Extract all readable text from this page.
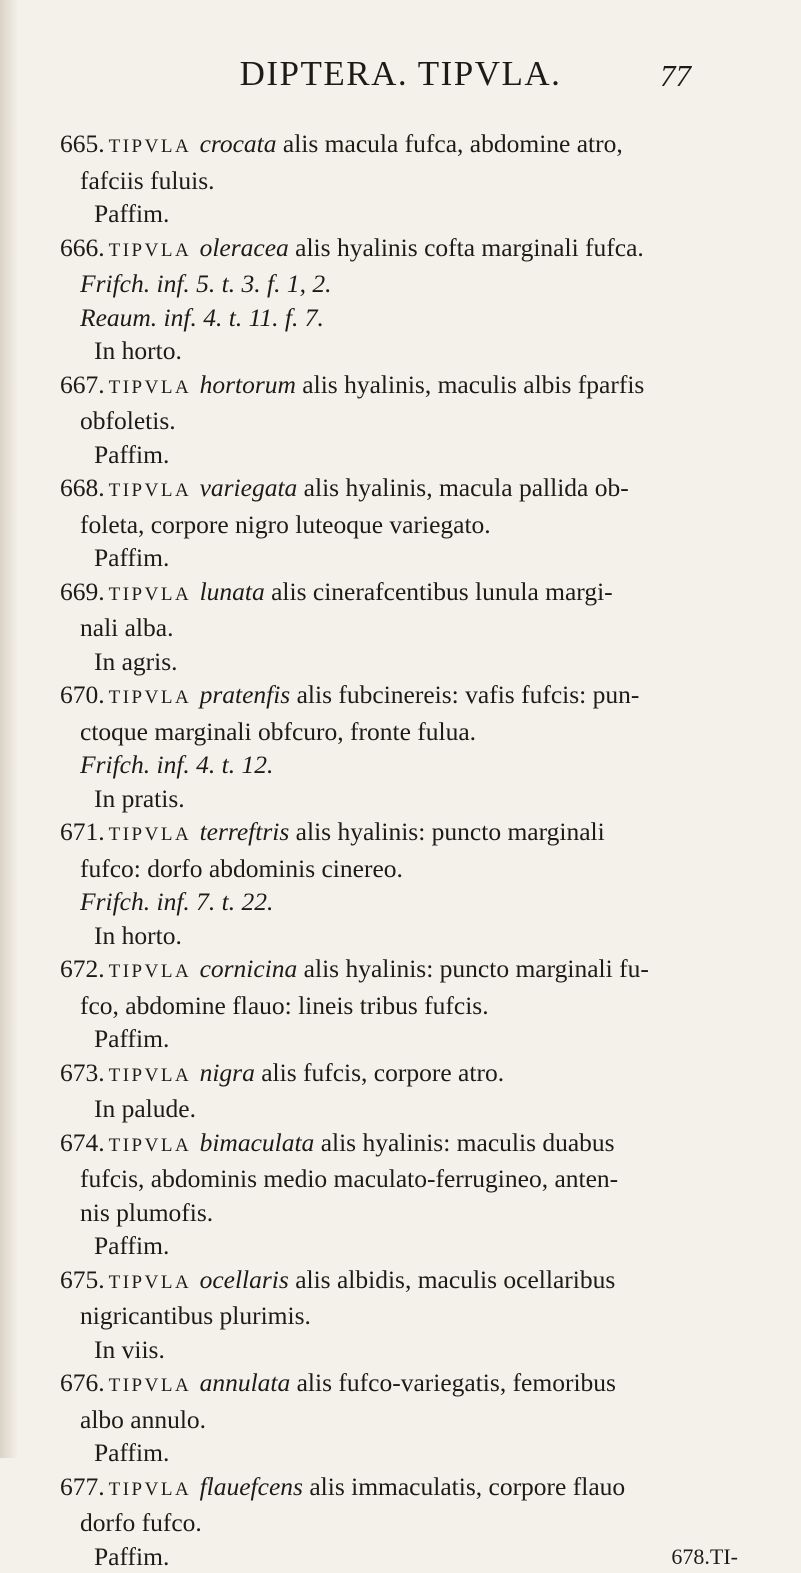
DIPTERA. TIPVLA.	77
665. TIPVLA crocata alis macula fufca, abdomine atro,
fafciis fuluis.
Paffim.
666. TIPVLA oleracea alis hyalinis cofta marginali fufca.
Frifch. inf. 5. t. 3. f. 1, 2.
Reaum. inf. 4. t. 11. f. 7.
In horto.
667. TIPVLA hortorum alis hyalinis, maculis albis fparfis
obfoletis.
Paffim.
668. TIPVLA variegata alis hyalinis, macula pallida ob-
foleta, corpore nigro luteoque variegato.
Paffim.
669. TIPVLA lunata alis cinerafcentibus lunula margi-
nali alba.
In agris.
670. TIPVLA pratenfis alis fubcinereis: vafis fufcis: pun-
ctoque marginali obfcuro, fronte fulua.
Frifch. inf. 4. t. 12.
In pratis.
671. TIPVLA terreftris alis hyalinis: puncto marginali
fufco: dorfo abdominis cinereo.
Frifch. inf. 7. t. 22.
In horto.
672. TIPVLA cornicina alis hyalinis: puncto marginali fu-
fco, abdomine flauo: lineis tribus fufcis.
Paffim.
673. TIPVLA nigra alis fufcis, corpore atro.
In palude.
674. TIPVLA bimaculata alis hyalinis: maculis duabus
fufcis, abdominis medio maculato-ferrugineo, anten-
nis plumofis.
Paffim.
675. TIPVLA ocellaris alis albidis, maculis ocellaribus
nigricantibus plurimis.
In viis.
676. TIPVLA annulata alis fufco-variegatis, femoribus
albo annulo.
Paffim.
677. TIPVLA flauefcens alis immaculatis, corpore flauo
dorfo fufco.
Paffim.	678.TI-
